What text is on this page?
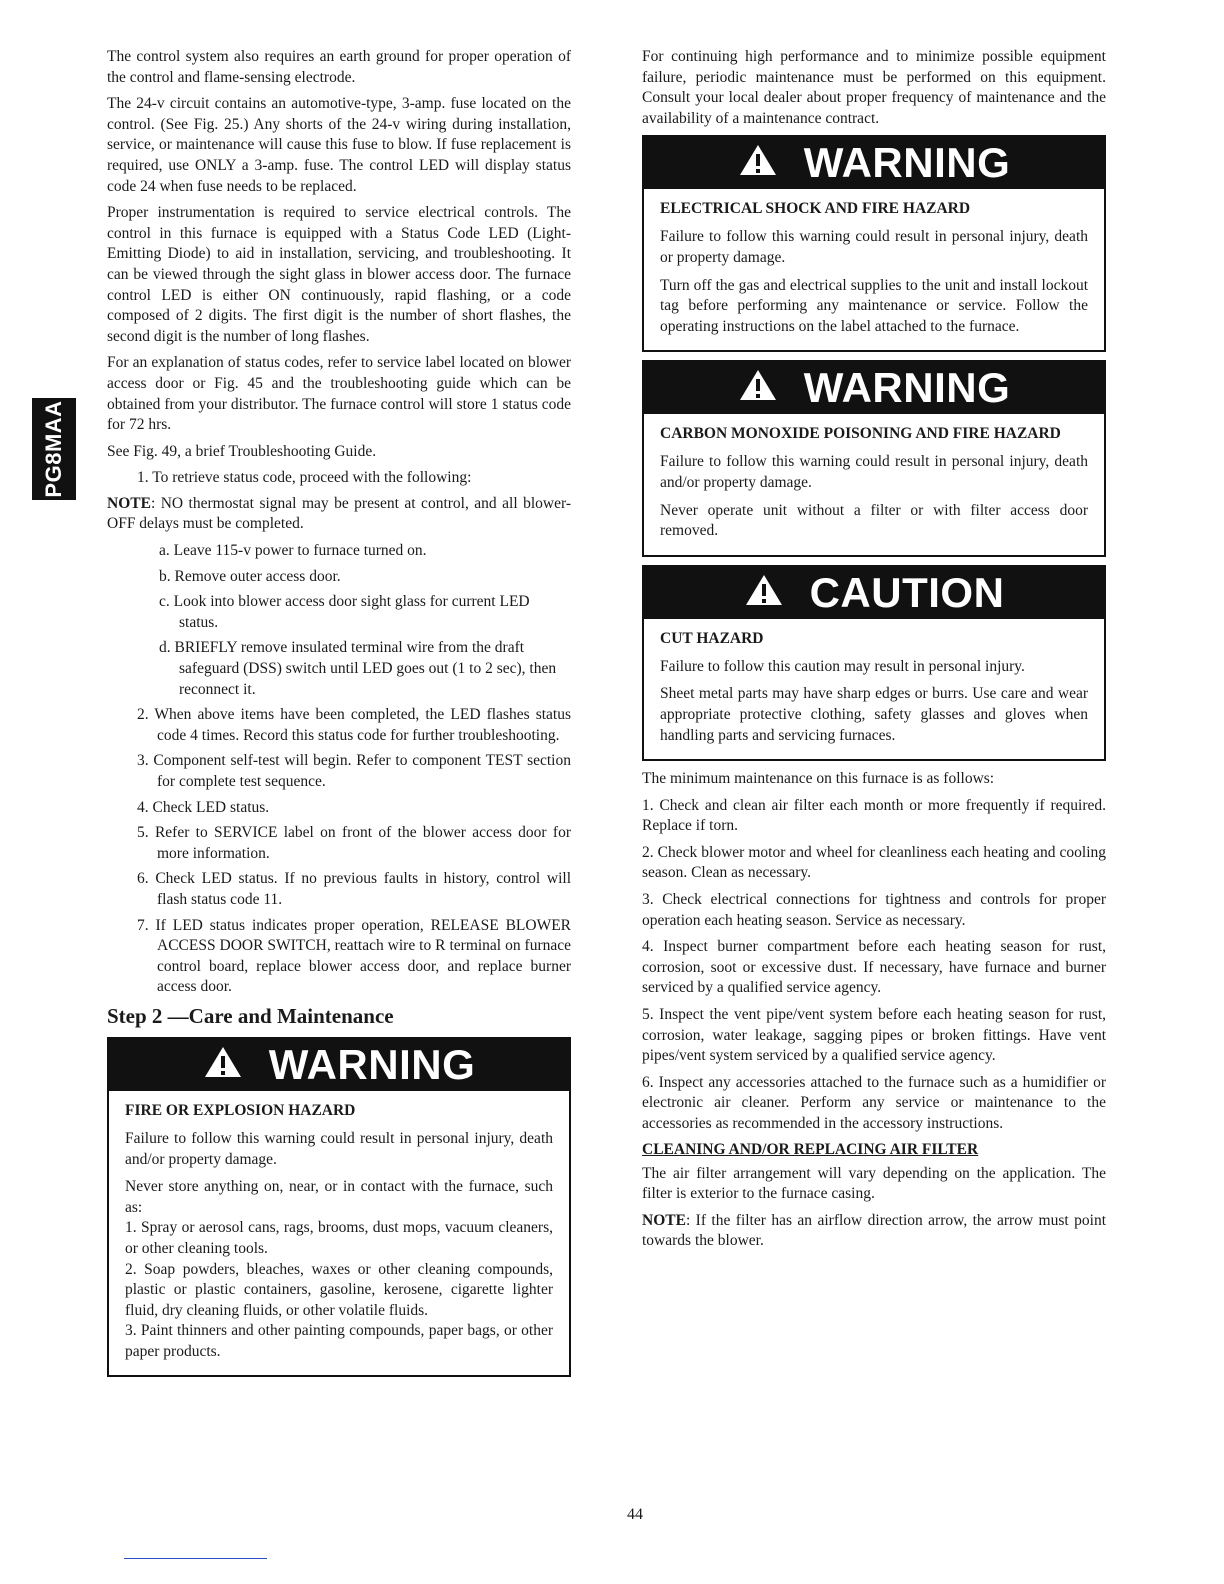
PG8MAA

The control system also requires an earth ground for proper operation of the control and flame-sensing electrode.

The 24-v circuit contains an automotive-type, 3-amp. fuse located on the control. (See Fig. 25.) Any shorts of the 24-v wiring during installation, service, or maintenance will cause this fuse to blow. If fuse replacement is required, use ONLY a 3-amp. fuse. The control LED will display status code 24 when fuse needs to be replaced.

Proper instrumentation is required to service electrical controls. The control in this furnace is equipped with a Status Code LED (Light-Emitting Diode) to aid in installation, servicing, and troubleshooting. It can be viewed through the sight glass in blower access door. The furnace control LED is either ON continuously, rapid flashing, or a code composed of 2 digits. The first digit is the number of short flashes, the second digit is the number of long flashes.

For an explanation of status codes, refer to service label located on blower access door or Fig. 45 and the troubleshooting guide which can be obtained from your distributor. The furnace control will store 1 status code for 72 hrs.

See Fig. 49, a brief Troubleshooting Guide.

1. To retrieve status code, proceed with the following:

NOTE: NO thermostat signal may be present at control, and all blower-OFF delays must be completed.

a. Leave 115-v power to furnace turned on.
b. Remove outer access door.
c. Look into blower access door sight glass for current LED status.
d. BRIEFLY remove insulated terminal wire from the draft safeguard (DSS) switch until LED goes out (1 to 2 sec), then reconnect it.
2. When above items have been completed, the LED flashes status code 4 times. Record this status code for further troubleshooting.
3. Component self-test will begin. Refer to component TEST section for complete test sequence.
4. Check LED status.
5. Refer to SERVICE label on front of the blower access door for more information.
6. Check LED status. If no previous faults in history, control will flash status code 11.
7. If LED status indicates proper operation, RELEASE BLOWER ACCESS DOOR SWITCH, reattach wire to R terminal on furnace control board, replace blower access door, and replace burner access door.
Step 2 —Care and Maintenance
WARNING
FIRE OR EXPLOSION HAZARD

Failure to follow this warning could result in personal injury, death and/or property damage.

Never store anything on, near, or in contact with the furnace, such as:

1. Spray or aerosol cans, rags, brooms, dust mops, vacuum cleaners, or other cleaning tools.

2. Soap powders, bleaches, waxes or other cleaning compounds, plastic or plastic containers, gasoline, kerosene, cigarette lighter fluid, dry cleaning fluids, or other volatile fluids.

3. Paint thinners and other painting compounds, paper bags, or other paper products.

For continuing high performance and to minimize possible equipment failure, periodic maintenance must be performed on this equipment. Consult your local dealer about proper frequency of maintenance and the availability of a maintenance contract.

WARNING
ELECTRICAL SHOCK AND FIRE HAZARD

Failure to follow this warning could result in personal injury, death or property damage.

Turn off the gas and electrical supplies to the unit and install lockout tag before performing any maintenance or service. Follow the operating instructions on the label attached to the furnace.

WARNING
CARBON MONOXIDE POISONING AND FIRE HAZARD

Failure to follow this warning could result in personal injury, death and/or property damage.

Never operate unit without a filter or with filter access door removed.

CAUTION
CUT HAZARD

Failure to follow this caution may result in personal injury.

Sheet metal parts may have sharp edges or burrs. Use care and wear appropriate protective clothing, safety glasses and gloves when handling parts and servicing furnaces.

The minimum maintenance on this furnace is as follows:

1. Check and clean air filter each month or more frequently if required. Replace if torn.

2. Check blower motor and wheel for cleanliness each heating and cooling season. Clean as necessary.

3. Check electrical connections for tightness and controls for proper operation each heating season. Service as necessary.

4. Inspect burner compartment before each heating season for rust, corrosion, soot or excessive dust. If necessary, have furnace and burner serviced by a qualified service agency.

5. Inspect the vent pipe/vent system before each heating season for rust, corrosion, water leakage, sagging pipes or broken fittings. Have vent pipes/vent system serviced by a qualified service agency.

6. Inspect any accessories attached to the furnace such as a humidifier or electronic air cleaner. Perform any service or maintenance to the accessories as recommended in the accessory instructions.

CLEANING AND/OR REPLACING AIR FILTER

The air filter arrangement will vary depending on the application. The filter is exterior to the furnace casing.

NOTE: If the filter has an airflow direction arrow, the arrow must point towards the blower.

44
